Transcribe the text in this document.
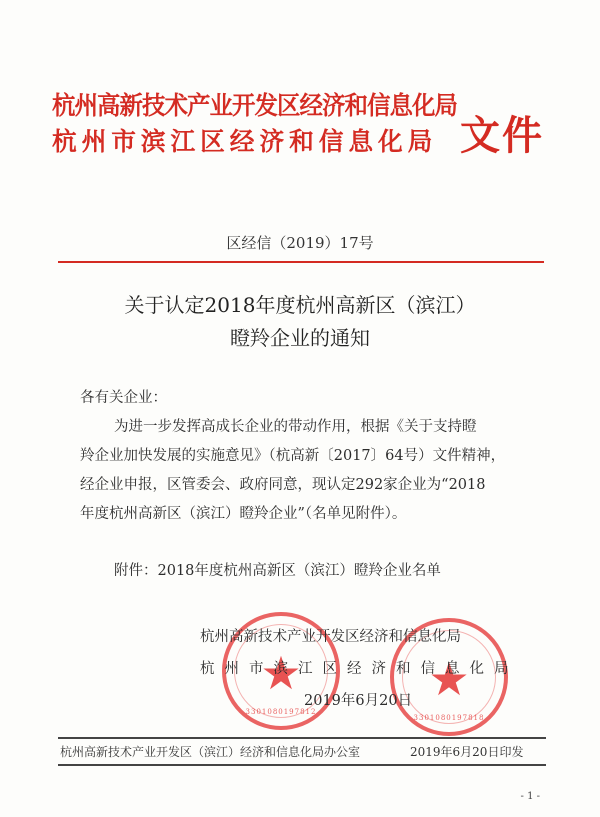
杭州高新技术产业开发区经济和信息化局
杭州市滨江区经济和信息化局 文件
区经信（2019）17号
关于认定2018年度杭州高新区（滨江）
瞪羚企业的通知
各有关企业：
为进一步发挥高成长企业的带动作用，根据《关于支持瞪
羚企业加快发展的实施意见》（杭高新〔2017〕64号）文件精神，
经企业申报，区管委会、政府同意，现认定292家企业为“2018
年度杭州高新区（滨江）瞪羚企业”（名单见附件）。
附件：2018年度杭州高新区（滨江）瞪羚企业名单
★
3301080197812
★
3301080197818
杭州高新技术产业开发区经济和信息化局
杭州市滨江区经济和信息化局
2019年6月20日
杭州高新技术产业开发区（滨江）经济和信息化局办公室	2019年6月20日印发
- 1 -
